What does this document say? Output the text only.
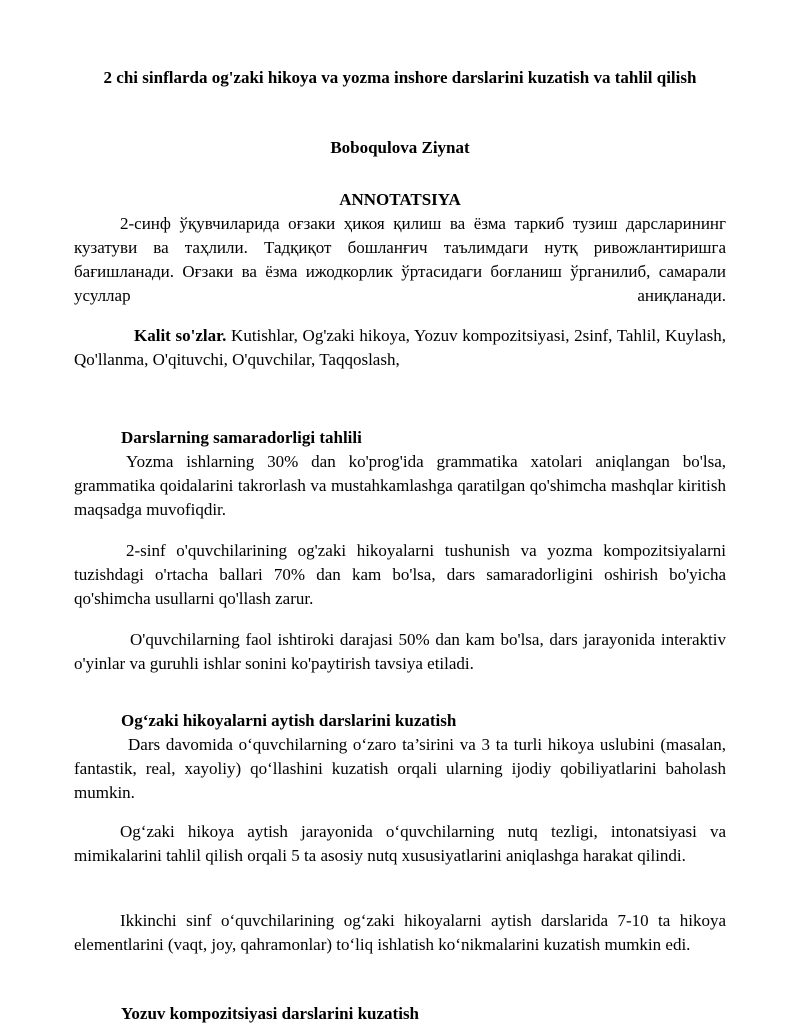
2 chi sinflarda og'zaki hikoya va yozma inshore darslarini kuzatish va tahlil qilish
Boboqulova Ziynat
ANNOTATSIYA

2-синф ўқувчиларида оғзаки ҳикоя қилиш ва ёзма таркиб тузиш дарсларининг кузатуви ва таҳлили. Тадқиқот бошланғич таълимдаги нутқ ривожлантиришга бағишланади. Оғзаки ва ёзма ижодкорлик ўртасидаги боғланиш ўрганилиб, самарали усуллар аниқланади.

Kalit so'zlar. Kutishlar, Og'zaki hikoya, Yozuv kompozitsiyasi, 2sinf, Tahlil, Kuylash, Qo'llanma, O'qituvchi, O'quvchilar, Taqqoslash,

Darslarning samaradorligi tahlili

Yozma ishlarning 30% dan ko'prog'ida grammatika xatolari aniqlangan bo'lsa, grammatika qoidalarini takrorlash va mustahkamlashga qaratilgan qo'shimcha mashqlar kiritish maqsadga muvofiqdir.

2-sinf o'quvchilarining og'zaki hikoyalarni tushunish va yozma kompozitsiyalarni tuzishdagi o'rtacha ballari 70% dan kam bo'lsa, dars samaradorligini oshirish bo'yicha qo'shimcha usullarni qo'llash zarur.

O'quvchilarning faol ishtiroki darajasi 50% dan kam bo'lsa, dars jarayonida interaktiv o'yinlar va guruhli ishlar sonini ko'paytirish tavsiya etiladi.

Og‘zaki hikoyalarni aytish darslarini kuzatish

Dars davomida o‘quvchilarning o‘zaro ta’sirini va 3 ta turli hikoya uslubini (masalan, fantastik, real, xayoliy) qo‘llashini kuzatish orqali ularning ijodiy qobiliyatlarini baholash mumkin.

Og‘zaki hikoya aytish jarayonida o‘quvchilarning nutq tezligi, intonatsiyasi va mimikalarini tahlil qilish orqali 5 ta asosiy nutq xususiyatlarini aniqlashga harakat qilindi.

Ikkinchi sinf o‘quvchilarining og‘zaki hikoyalarni aytish darslarida 7-10 ta hikoya elementlarini (vaqt, joy, qahramonlar) to‘liq ishlatish ko‘nikmalarini kuzatish mumkin edi.

Yozuv kompozitsiyasi darslarini kuzatish
